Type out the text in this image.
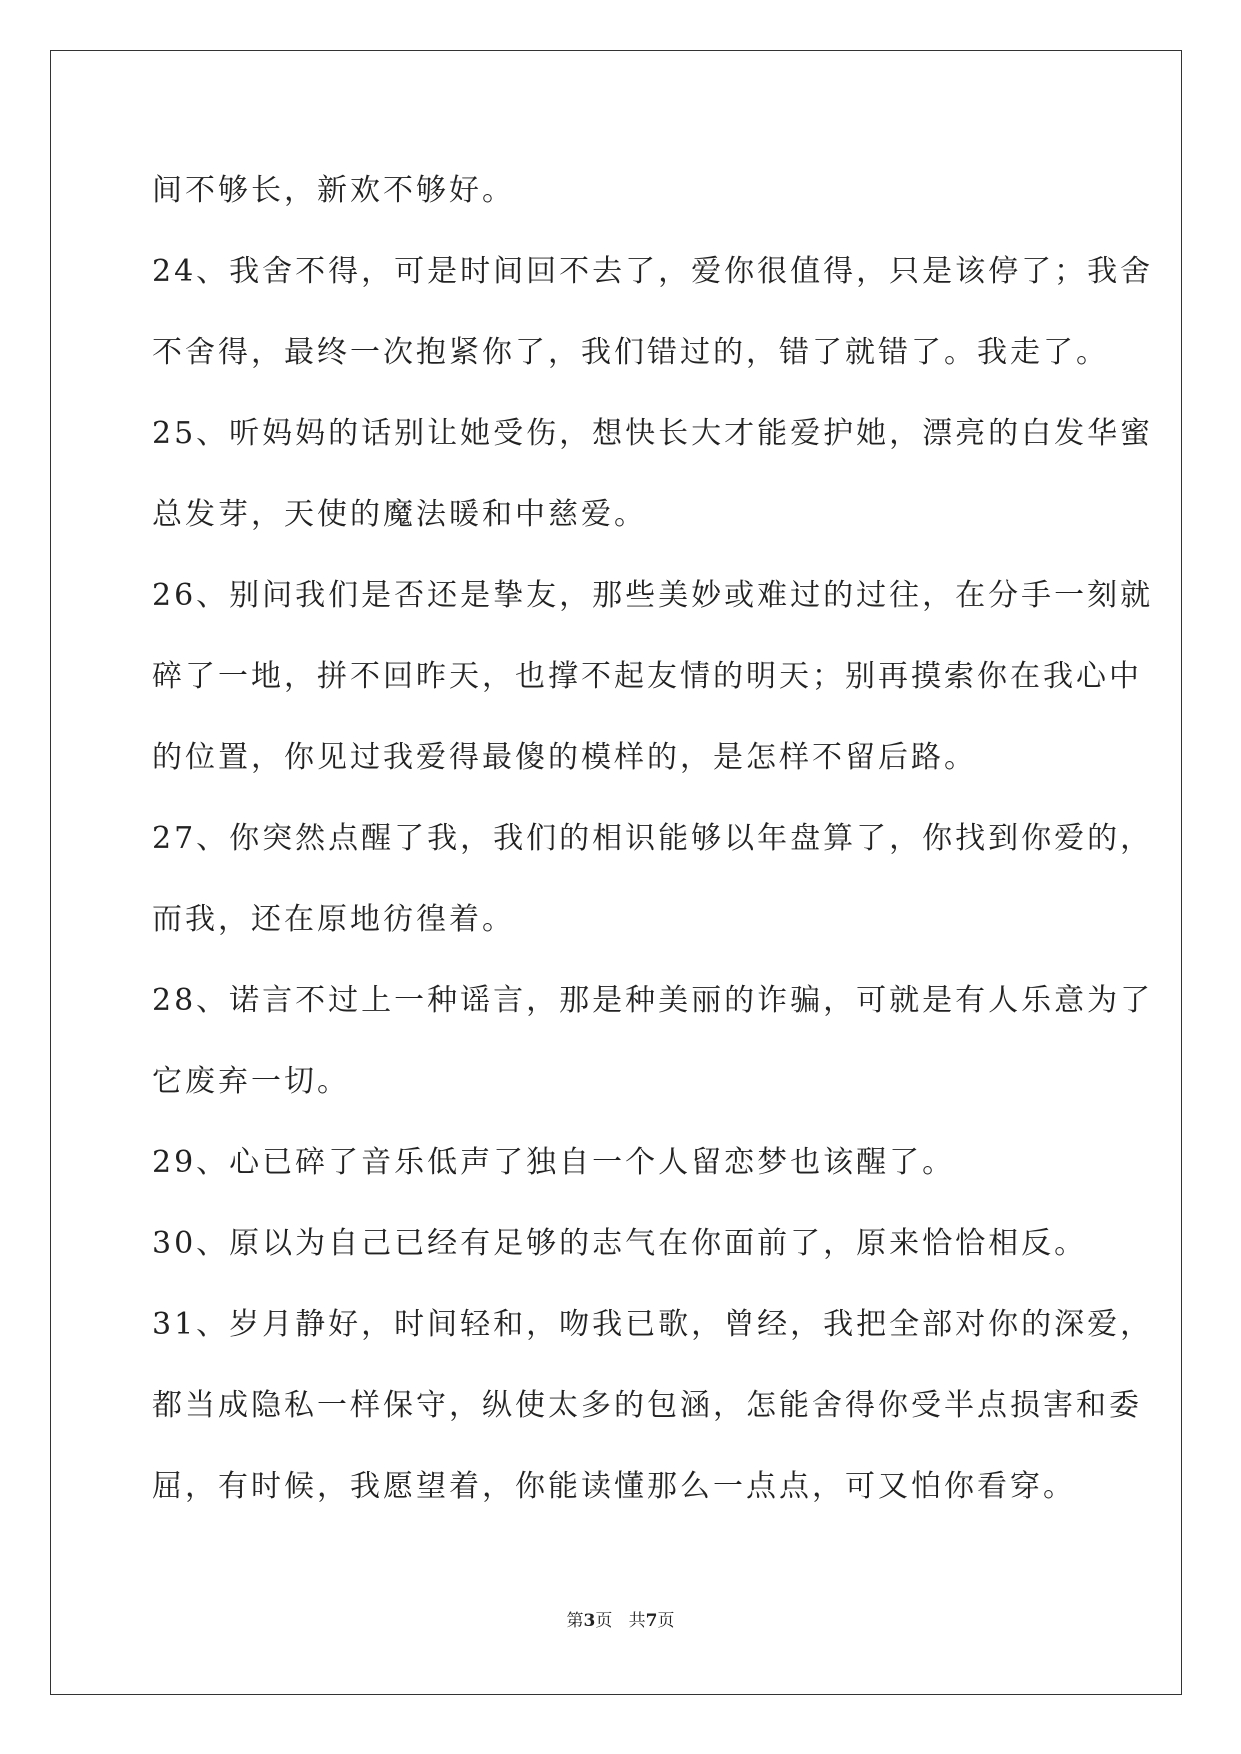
间不够长，新欢不够好。
24、我舍不得，可是时间回不去了，爱你很值得，只是该停了；我舍
不舍得，最终一次抱紧你了，我们错过的，错了就错了。我走了。
25、听妈妈的话别让她受伤，想快长大才能爱护她，漂亮的白发华蜜
总发芽，天使的魔法暖和中慈爱。
26、别问我们是否还是挚友，那些美妙或难过的过往，在分手一刻就
碎了一地，拼不回昨天，也撑不起友情的明天；别再摸索你在我心中
的位置，你见过我爱得最傻的模样的，是怎样不留后路。
27、你突然点醒了我，我们的相识能够以年盘算了，你找到你爱的，
而我，还在原地彷徨着。
28、诺言不过上一种谣言，那是种美丽的诈骗，可就是有人乐意为了
它废弃一切。
29、心已碎了音乐低声了独自一个人留恋梦也该醒了。
30、原以为自己已经有足够的志气在你面前了，原来恰恰相反。
31、岁月静好，时间轻和，吻我已歌，曾经，我把全部对你的深爱，
都当成隐私一样保守，纵使太多的包涵，怎能舍得你受半点损害和委
屈，有时候，我愿望着，你能读懂那么一点点，可又怕你看穿。
第3页   共7页
